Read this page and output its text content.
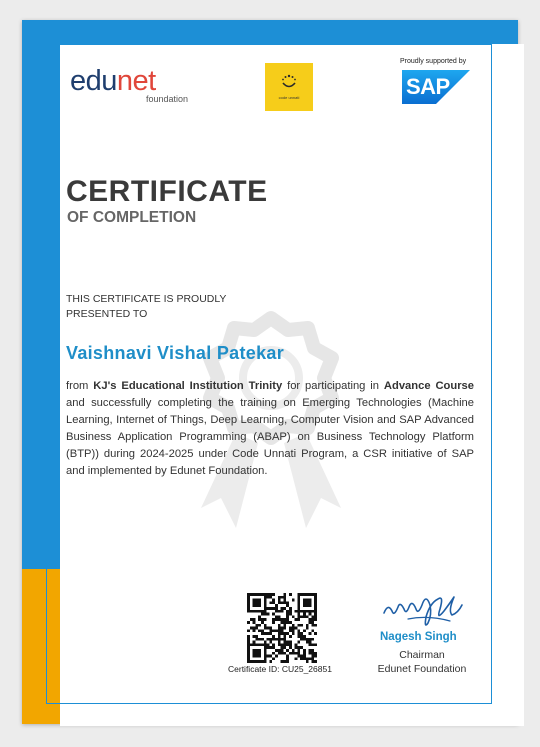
edunet
foundation	code unnati
Proudly supported by
SAP
CERTIFICATE
OF COMPLETION
THIS CERTIFICATE IS PROUDLY PRESENTED TO
Vaishnavi Vishal Patekar
from KJ's Educational Institution Trinity for participating in Advance Course and successfully completing the training on Emerging Technologies (Machine Learning, Internet of Things, Deep Learning, Computer Vision and SAP Advanced Business Application Programming (ABAP) on Business Technology Platform (BTP)) during 2024-2025 under Code Unnati Program, a CSR initiative of SAP and implemented by Edunet Foundation.
Certificate ID: CU25_26851
Nagesh Singh
Chairman
Edunet Foundation
